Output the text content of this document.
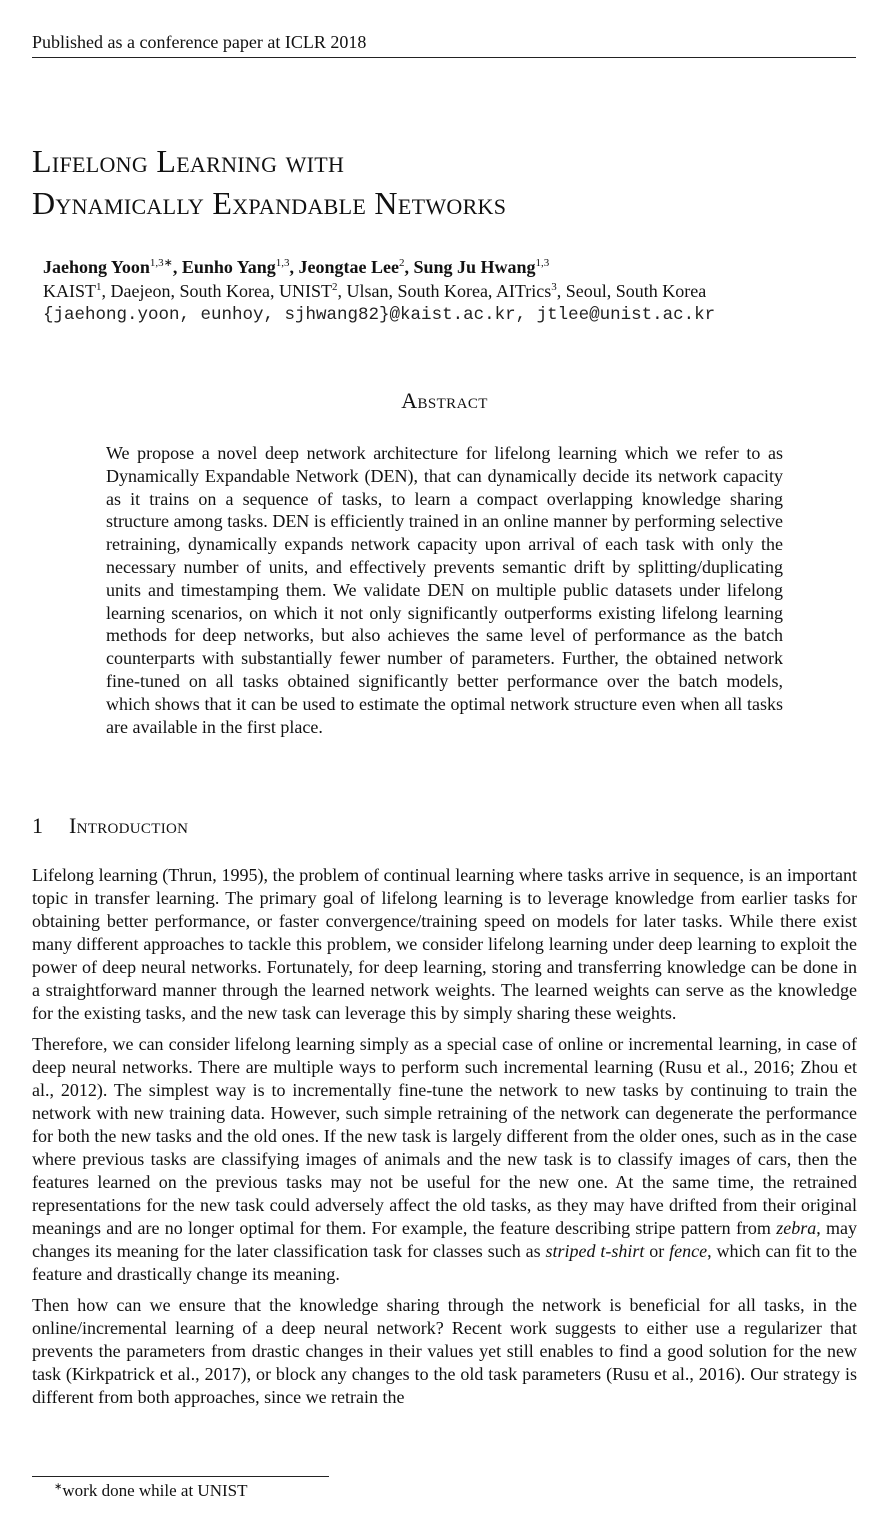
Published as a conference paper at ICLR 2018
Lifelong Learning with
Dynamically Expandable Networks
Jaehong Yoon$^{1,3∗}$, Eunho Yang$^{1,3}$, Jeongtae Lee$^2$, Sung Ju Hwang$^{1,3}$
KAIST$^1$, Daejeon, South Korea, UNIST$^2$, Ulsan, South Korea, AITrics$^3$, Seoul, South Korea
{jaehong.yoon, eunhoy, sjhwang82}@kaist.ac.kr, jtlee@unist.ac.kr
Abstract
We propose a novel deep network architecture for lifelong learning which we refer to as Dynamically Expandable Network (DEN), that can dynamically decide its network capacity as it trains on a sequence of tasks, to learn a compact overlapping knowledge sharing structure among tasks. DEN is efficiently trained in an online manner by performing selective retraining, dynamically expands network capacity upon arrival of each task with only the necessary number of units, and effectively prevents semantic drift by splitting/duplicating units and timestamping them. We validate DEN on multiple public datasets under lifelong learning scenarios, on which it not only significantly outperforms existing lifelong learning methods for deep networks, but also achieves the same level of performance as the batch counterparts with substantially fewer number of parameters. Further, the obtained network fine-tuned on all tasks obtained significantly better performance over the batch models, which shows that it can be used to estimate the optimal network structure even when all tasks are available in the first place.
1 Introduction

Lifelong learning (Thrun, 1995), the problem of continual learning where tasks arrive in sequence, is an important topic in transfer learning. The primary goal of lifelong learning is to leverage knowledge from earlier tasks for obtaining better performance, or faster convergence/training speed on models for later tasks. While there exist many different approaches to tackle this problem, we consider lifelong learning under deep learning to exploit the power of deep neural networks. Fortunately, for deep learning, storing and transferring knowledge can be done in a straightforward manner through the learned network weights. The learned weights can serve as the knowledge for the existing tasks, and the new task can leverage this by simply sharing these weights.

Therefore, we can consider lifelong learning simply as a special case of online or incremental learning, in case of deep neural networks. There are multiple ways to perform such incremental learning (Rusu et al., 2016; Zhou et al., 2012). The simplest way is to incrementally fine-tune the network to new tasks by continuing to train the network with new training data. However, such simple retraining of the network can degenerate the performance for both the new tasks and the old ones. If the new task is largely different from the older ones, such as in the case where previous tasks are classifying images of animals and the new task is to classify images of cars, then the features learned on the previous tasks may not be useful for the new one. At the same time, the retrained representations for the new task could adversely affect the old tasks, as they may have drifted from their original meanings and are no longer optimal for them. For example, the feature describing stripe pattern from zebra, may changes its meaning for the later classification task for classes such as striped t-shirt or fence, which can fit to the feature and drastically change its meaning.

Then how can we ensure that the knowledge sharing through the network is beneficial for all tasks, in the online/incremental learning of a deep neural network? Recent work suggests to either use a regularizer that prevents the parameters from drastic changes in their values yet still enables to find a good solution for the new task (Kirkpatrick et al., 2017), or block any changes to the old task parameters (Rusu et al., 2016). Our strategy is different from both approaches, since we retrain the

∗work done while at UNIST
